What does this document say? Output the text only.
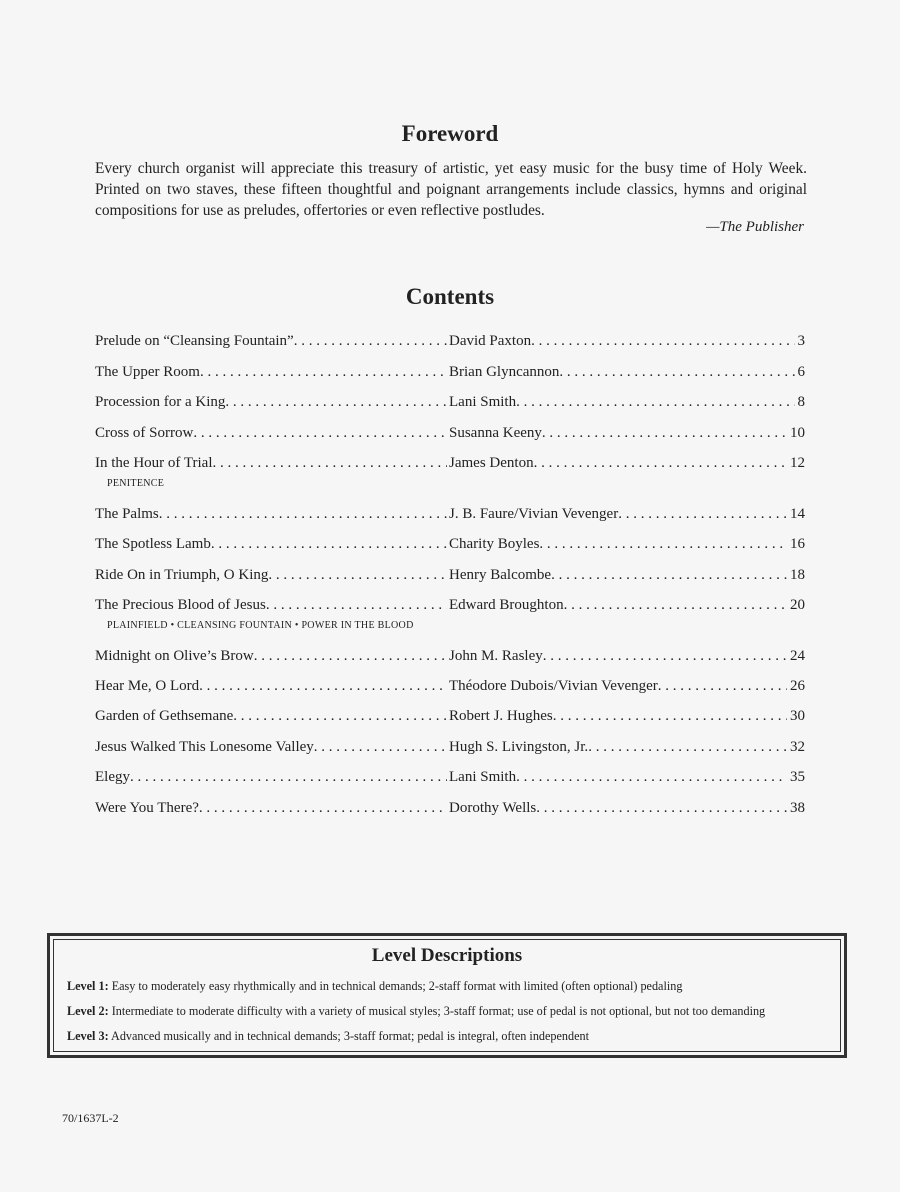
Foreword

Every church organist will appreciate this treasury of artistic, yet easy music for the busy time of Holy Week. Printed on two staves, these fifteen thoughtful and poignant arrangements include classics, hymns and original compositions for use as preludes, offertories or even reflective postludes.

—The Publisher

Contents
Prelude on “Cleansing Fountain” . . .	David Paxton . . .	3
The Upper Room . . .	Brian Glyncannon . . .	6
Procession for a King . . .	Lani Smith . . .	8
Cross of Sorrow . . .	Susanna Keeny . . .	10
In the Hour of Trial . . .	James Denton . . .	12
PENITENCE
The Palms . . .	J. B. Faure/Vivian Vevenger . . .	14
The Spotless Lamb . . .	Charity Boyles . . .	16
Ride On in Triumph, O King . . .	Henry Balcombe . . .	18
The Precious Blood of Jesus . . .	Edward Broughton . . .	20
PLAINFIELD • CLEANSING FOUNTAIN • POWER IN THE BLOOD
Midnight on Olive’s Brow . . .	John M. Rasley . . .	24
Hear Me, O Lord . . .	Théodore Dubois/Vivian Vevenger . . .	26
Garden of Gethsemane . . .	Robert J. Hughes . . .	30
Jesus Walked This Lonesome Valley . . .	Hugh S. Livingston, Jr. . . .	32
Elegy . . .	Lani Smith . . .	35
Were You There? . . .	Dorothy Wells . . .	38
Level Descriptions
Level 1: Easy to moderately easy rhythmically and in technical demands; 2-staff format with limited (often optional) pedaling
Level 2: Intermediate to moderate difficulty with a variety of musical styles; 3-staff format; use of pedal is not optional, but not too demanding
Level 3: Advanced musically and in technical demands; 3-staff format; pedal is integral, often independent
70/1637L-2
